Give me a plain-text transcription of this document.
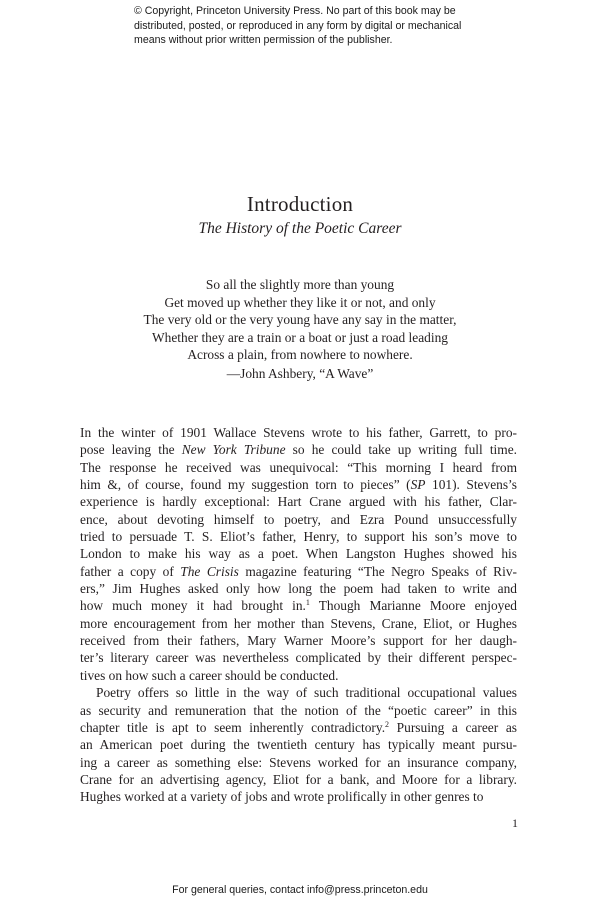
© Copyright, Princeton University Press. No part of this book may be
distributed, posted, or reproduced in any form by digital or mechanical
means without prior written permission of the publisher.
Introduction
The History of the Poetic Career
So all the slightly more than young
Get moved up whether they like it or not, and only
The very old or the very young have any say in the matter,
Whether they are a train or a boat or just a road leading
Across a plain, from nowhere to nowhere.
—John Ashbery, “A Wave”
In the winter of 1901 Wallace Stevens wrote to his father, Garrett, to pro-
pose leaving the New York Tribune so he could take up writing full time.
The response he received was unequivocal: “This morning I heard from
him &, of course, found my suggestion torn to pieces” (SP 101). Stevens’s
experience is hardly exceptional: Hart Crane argued with his father, Clar-
ence, about devoting himself to poetry, and Ezra Pound unsuccessfully
tried to persuade T. S. Eliot’s father, Henry, to support his son’s move to
London to make his way as a poet. When Langston Hughes showed his
father a copy of The Crisis magazine featuring “The Negro Speaks of Riv-
ers,” Jim Hughes asked only how long the poem had taken to write and
how much money it had brought in.$^1$ Though Marianne Moore enjoyed
more encouragement from her mother than Stevens, Crane, Eliot, or Hughes
received from their fathers, Mary Warner Moore’s support for her daugh-
ter’s literary career was nevertheless complicated by their different perspec-
tives on how such a career should be conducted.
Poetry offers so little in the way of such traditional occupational values
as security and remuneration that the notion of the “poetic career” in this
chapter title is apt to seem inherently contradictory.$^2$ Pursuing a career as
an American poet during the twentieth century has typically meant pursu-
ing a career as something else: Stevens worked for an insurance company,
Crane for an advertising agency, Eliot for a bank, and Moore for a library.
Hughes worked at a variety of jobs and wrote prolifically in other genres to
1
For general queries, contact info@press.princeton.edu
